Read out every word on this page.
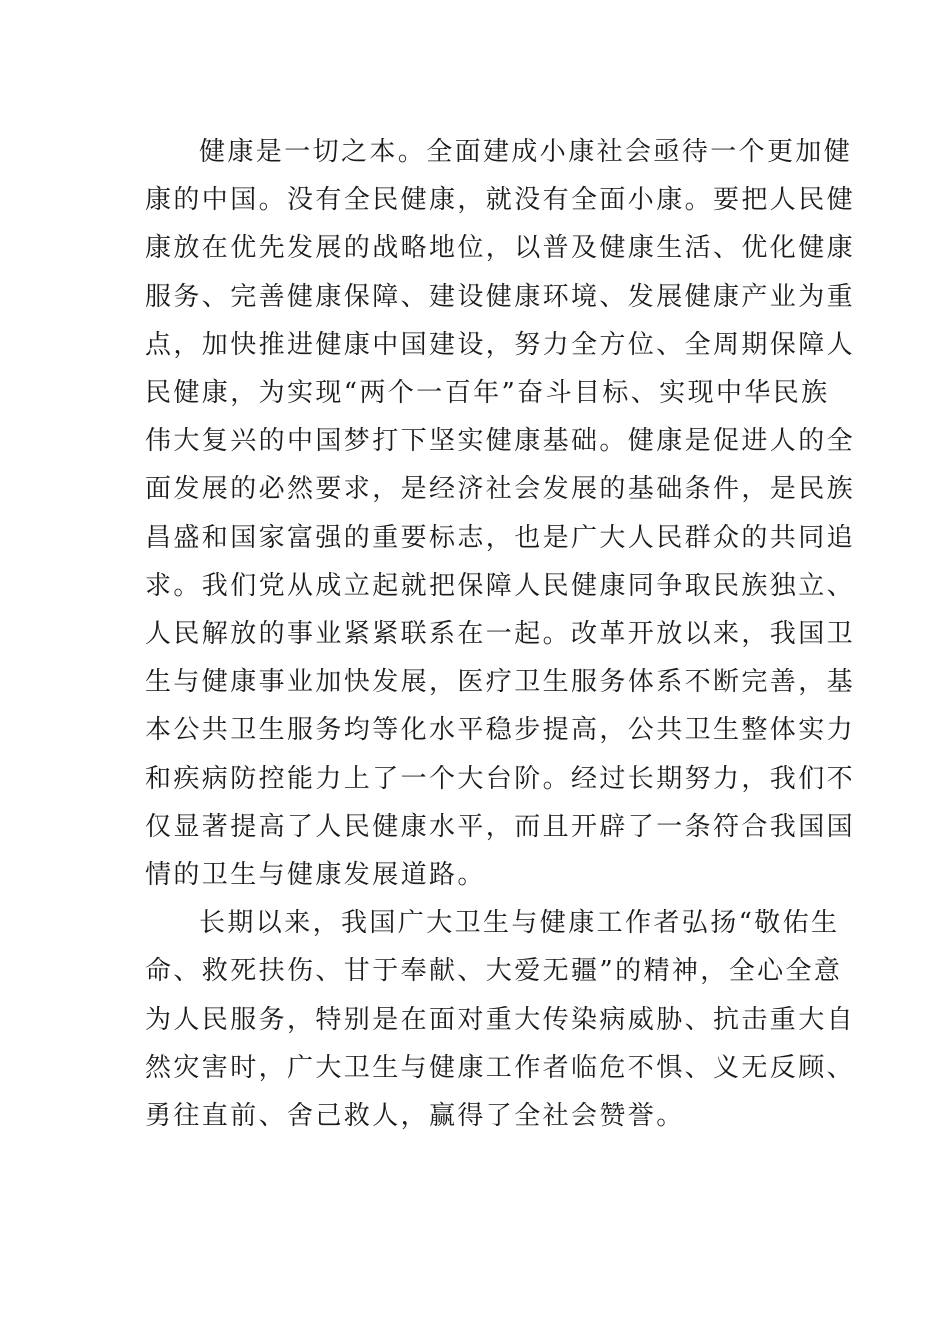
健康是一切之本。全面建成小康社会亟待一个更加健
康的中国。没有全民健康，就没有全面小康。要把人民健
康放在优先发展的战略地位，以普及健康生活、优化健康
服务、完善健康保障、建设健康环境、发展健康产业为重
点，加快推进健康中国建设，努力全方位、全周期保障人
民健康，为实现“两个一百年”奋斗目标、实现中华民族
伟大复兴的中国梦打下坚实健康基础。健康是促进人的全
面发展的必然要求，是经济社会发展的基础条件，是民族
昌盛和国家富强的重要标志，也是广大人民群众的共同追
求。我们党从成立起就把保障人民健康同争取民族独立、
人民解放的事业紧紧联系在一起。改革开放以来，我国卫
生与健康事业加快发展，医疗卫生服务体系不断完善，基
本公共卫生服务均等化水平稳步提高，公共卫生整体实力
和疾病防控能力上了一个大台阶。经过长期努力，我们不
仅显著提高了人民健康水平，而且开辟了一条符合我国国
情的卫生与健康发展道路。

长期以来，我国广大卫生与健康工作者弘扬“敬佑生
命、救死扶伤、甘于奉献、大爱无疆”的精神，全心全意
为人民服务，特别是在面对重大传染病威胁、抗击重大自
然灾害时，广大卫生与健康工作者临危不惧、义无反顾、
勇往直前、舍己救人，赢得了全社会赞誉。
